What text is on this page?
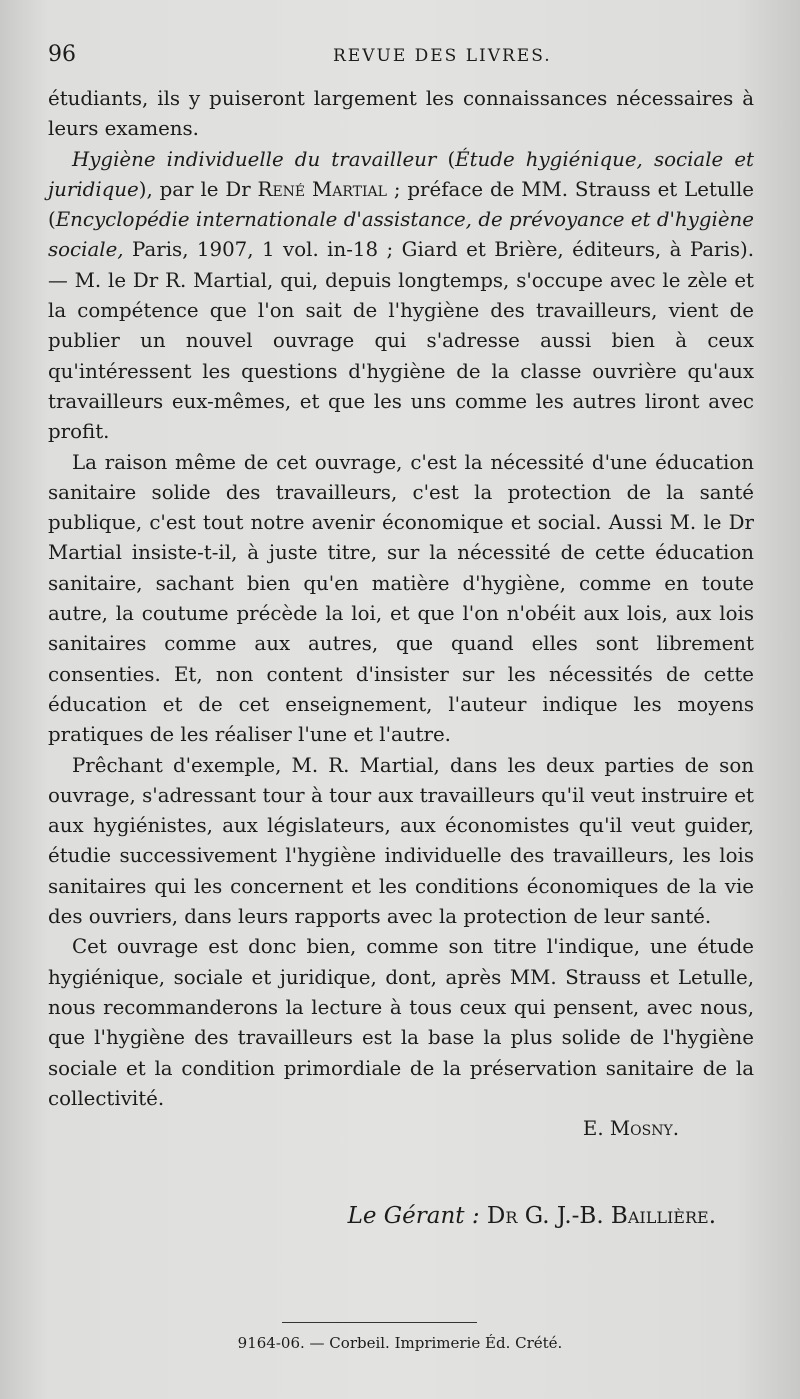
96	REVUE DES LIVRES.

étudiants, ils y puiseront largement les connaissances nécessaires à leurs examens.

Hygiène individuelle du travailleur (Étude hygiénique, sociale et juridique), par le Dr René Martial ; préface de MM. Strauss et Letulle (Encyclopédie internationale d'assistance, de prévoyance et d'hygiène sociale, Paris, 1907, 1 vol. in-18 ; Giard et Brière, éditeurs, à Paris). — M. le Dr R. Martial, qui, depuis longtemps, s'occupe avec le zèle et la compétence que l'on sait de l'hygiène des travailleurs, vient de publier un nouvel ouvrage qui s'adresse aussi bien à ceux qu'intéressent les questions d'hygiène de la classe ouvrière qu'aux travailleurs eux-mêmes, et que les uns comme les autres liront avec profit.

La raison même de cet ouvrage, c'est la nécessité d'une éducation sanitaire solide des travailleurs, c'est la protection de la santé publique, c'est tout notre avenir économique et social. Aussi M. le Dr Martial insiste-t-il, à juste titre, sur la nécessité de cette éducation sanitaire, sachant bien qu'en matière d'hygiène, comme en toute autre, la coutume précède la loi, et que l'on n'obéit aux lois, aux lois sanitaires comme aux autres, que quand elles sont librement consenties. Et, non content d'insister sur les nécessités de cette éducation et de cet enseignement, l'auteur indique les moyens pratiques de les réaliser l'une et l'autre.

Prêchant d'exemple, M. R. Martial, dans les deux parties de son ouvrage, s'adressant tour à tour aux travailleurs qu'il veut instruire et aux hygiénistes, aux législateurs, aux économistes qu'il veut guider, étudie successivement l'hygiène individuelle des travailleurs, les lois sanitaires qui les concernent et les conditions économiques de la vie des ouvriers, dans leurs rapports avec la protection de leur santé.

Cet ouvrage est donc bien, comme son titre l'indique, une étude hygiénique, sociale et juridique, dont, après MM. Strauss et Letulle, nous recommanderons la lecture à tous ceux qui pensent, avec nous, que l'hygiène des travailleurs est la base la plus solide de l'hygiène sociale et la condition primordiale de la préservation sanitaire de la collectivité.

E. Mosny.

Le Gérant : Dr G. J.-B. Baillière.
9164-06. — Corbeil. Imprimerie Éd. Crété.
